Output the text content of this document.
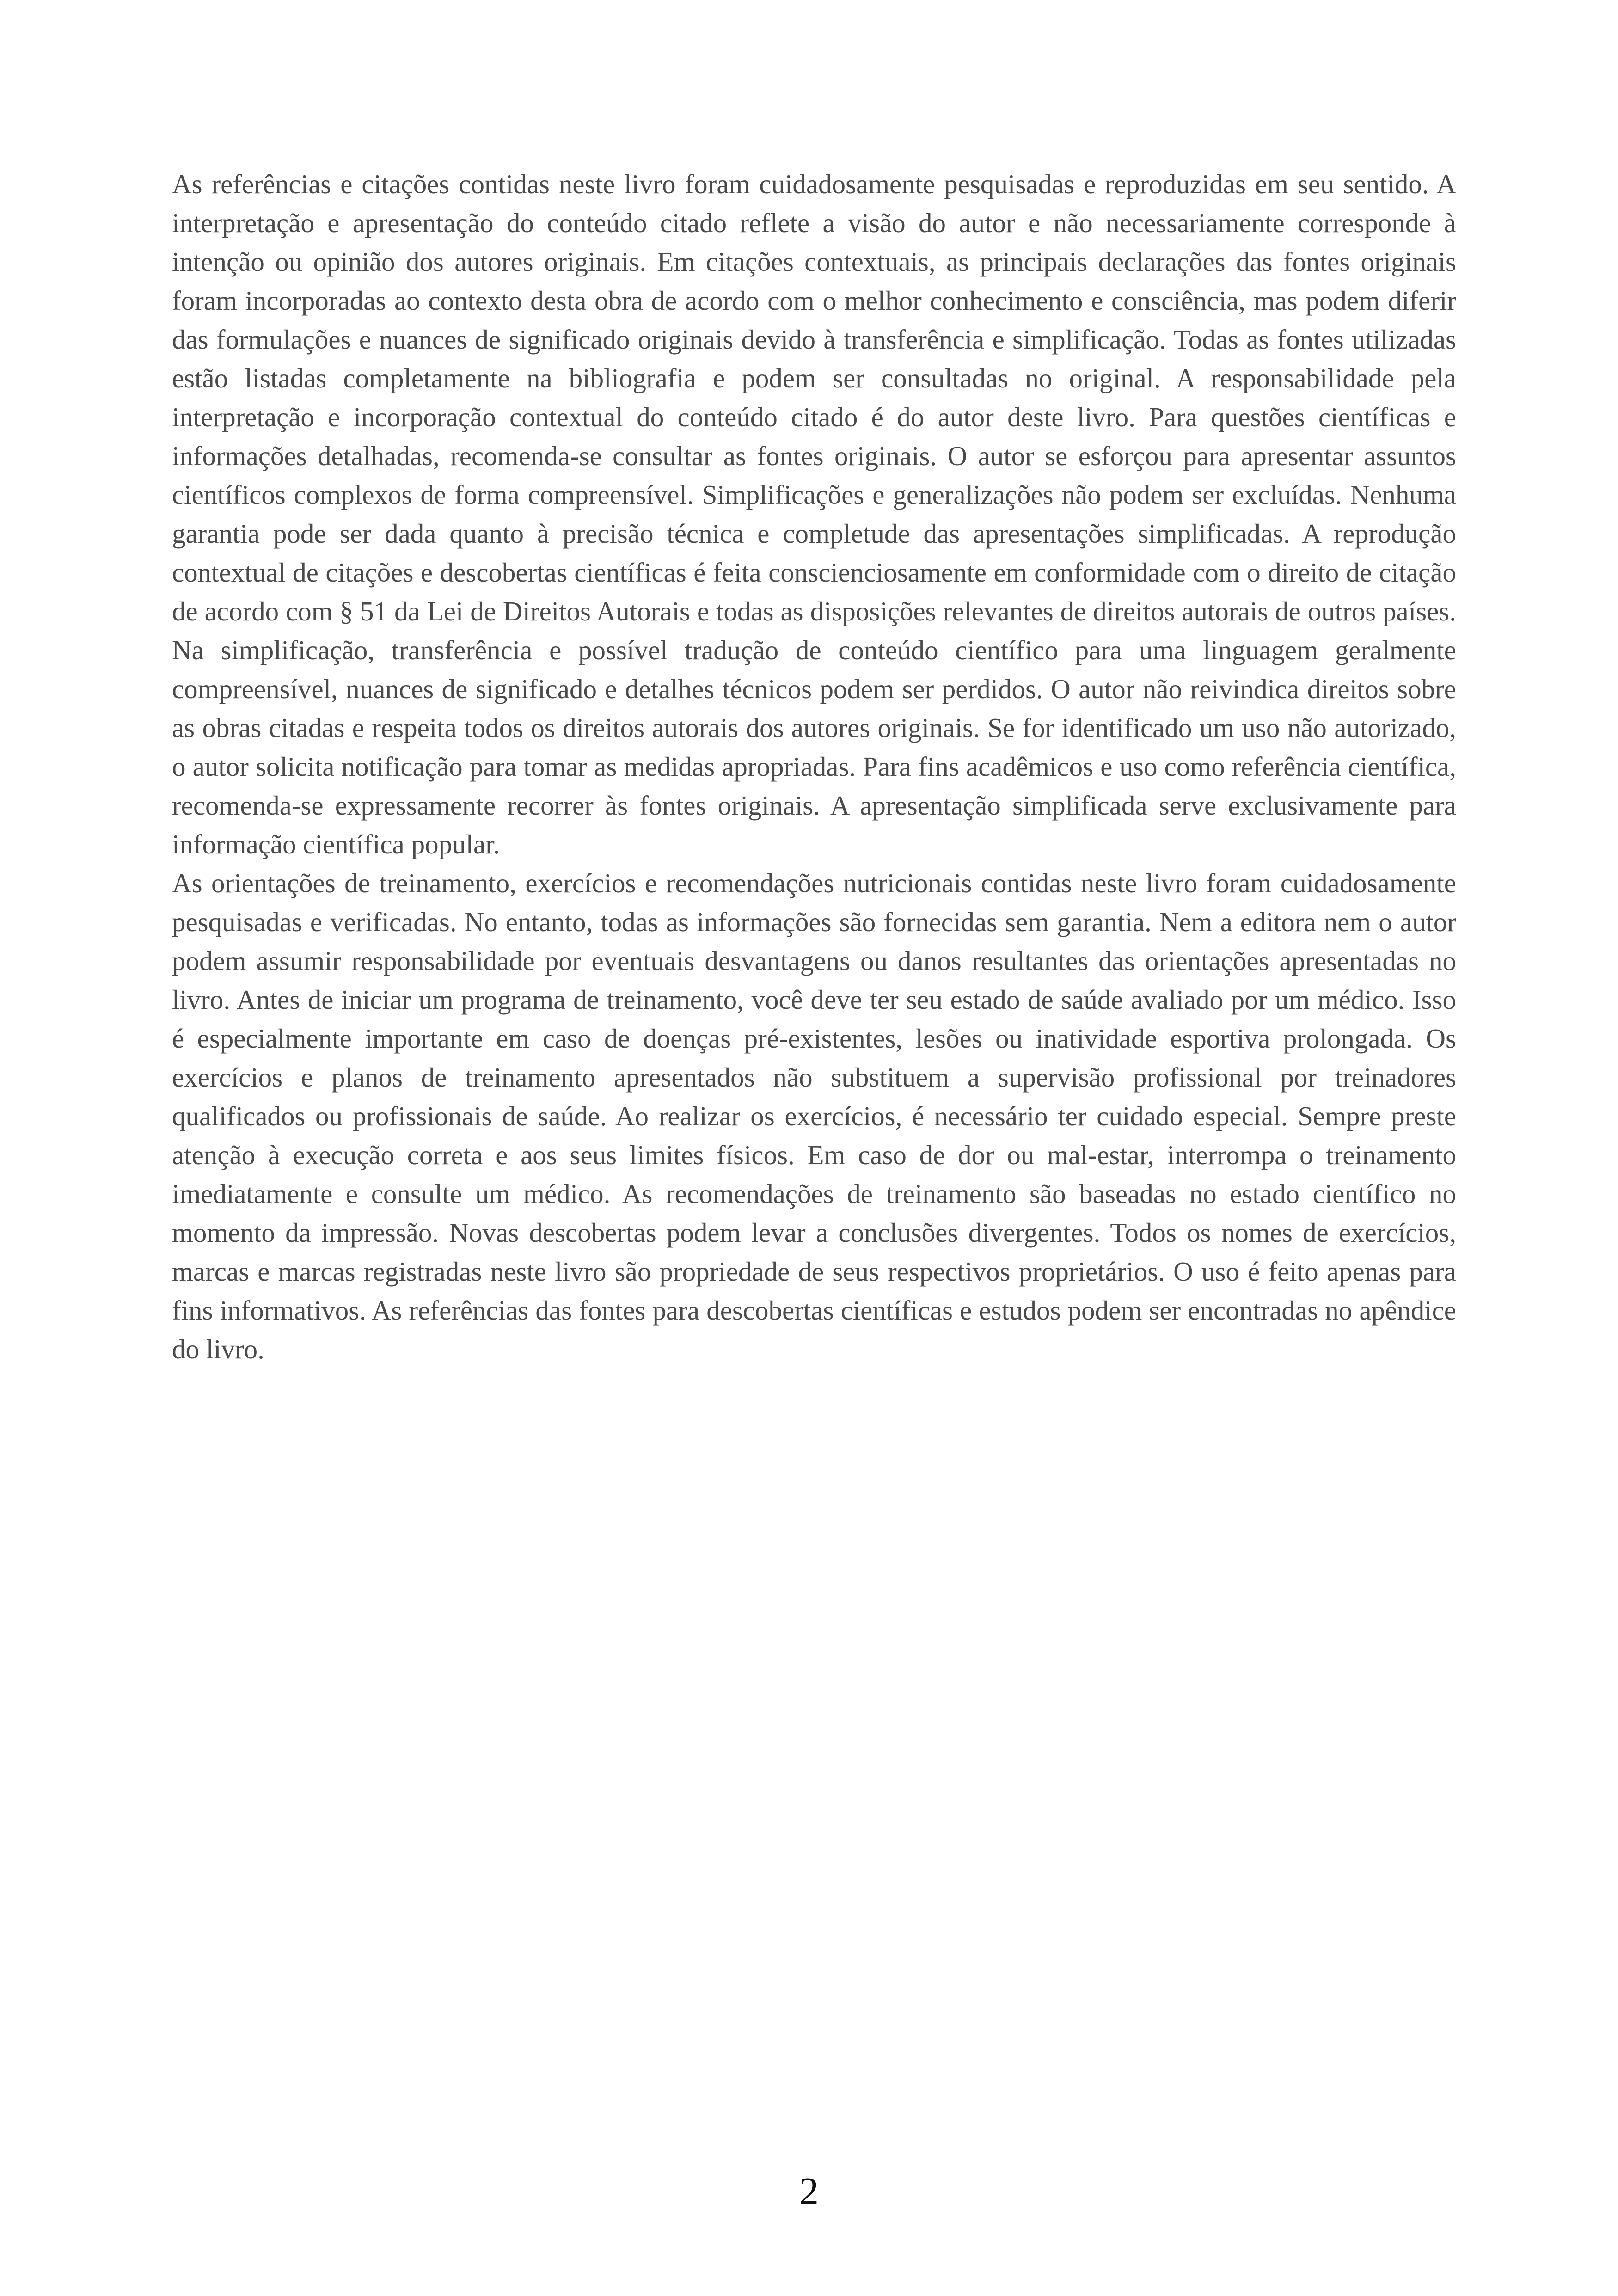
As referências e citações contidas neste livro foram cuidadosamente pesquisadas e reproduzidas em seu sentido. A interpretação e apresentação do conteúdo citado reflete a visão do autor e não necessariamente corresponde à intenção ou opinião dos autores originais. Em citações contextuais, as principais declarações das fontes originais foram incorporadas ao contexto desta obra de acordo com o melhor conhecimento e consciência, mas podem diferir das formulações e nuances de significado originais devido à transferência e simplificação. Todas as fontes utilizadas estão listadas completamente na bibliografia e podem ser consultadas no original. A responsabilidade pela interpretação e incorporação contextual do conteúdo citado é do autor deste livro. Para questões científicas e informações detalhadas, recomenda-se consultar as fontes originais. O autor se esforçou para apresentar assuntos científicos complexos de forma compreensível. Simplificações e generalizações não podem ser excluídas. Nenhuma garantia pode ser dada quanto à precisão técnica e completude das apresentações simplificadas. A reprodução contextual de citações e descobertas científicas é feita conscienciosamente em conformidade com o direito de citação de acordo com § 51 da Lei de Direitos Autorais e todas as disposições relevantes de direitos autorais de outros países. Na simplificação, transferência e possível tradução de conteúdo científico para uma linguagem geralmente compreensível, nuances de significado e detalhes técnicos podem ser perdidos. O autor não reivindica direitos sobre as obras citadas e respeita todos os direitos autorais dos autores originais. Se for identificado um uso não autorizado, o autor solicita notificação para tomar as medidas apropriadas. Para fins acadêmicos e uso como referência científica, recomenda-se expressamente recorrer às fontes originais. A apresentação simplificada serve exclusivamente para informação científica popular.

As orientações de treinamento, exercícios e recomendações nutricionais contidas neste livro foram cuidadosamente pesquisadas e verificadas. No entanto, todas as informações são fornecidas sem garantia. Nem a editora nem o autor podem assumir responsabilidade por eventuais desvantagens ou danos resultantes das orientações apresentadas no livro. Antes de iniciar um programa de treinamento, você deve ter seu estado de saúde avaliado por um médico. Isso é especialmente importante em caso de doenças pré-existentes, lesões ou inatividade esportiva prolongada. Os exercícios e planos de treinamento apresentados não substituem a supervisão profissional por treinadores qualificados ou profissionais de saúde. Ao realizar os exercícios, é necessário ter cuidado especial. Sempre preste atenção à execução correta e aos seus limites físicos. Em caso de dor ou mal-estar, interrompa o treinamento imediatamente e consulte um médico. As recomendações de treinamento são baseadas no estado científico no momento da impressão. Novas descobertas podem levar a conclusões divergentes. Todos os nomes de exercícios, marcas e marcas registradas neste livro são propriedade de seus respectivos proprietários. O uso é feito apenas para fins informativos. As referências das fontes para descobertas científicas e estudos podem ser encontradas no apêndice do livro.

2
